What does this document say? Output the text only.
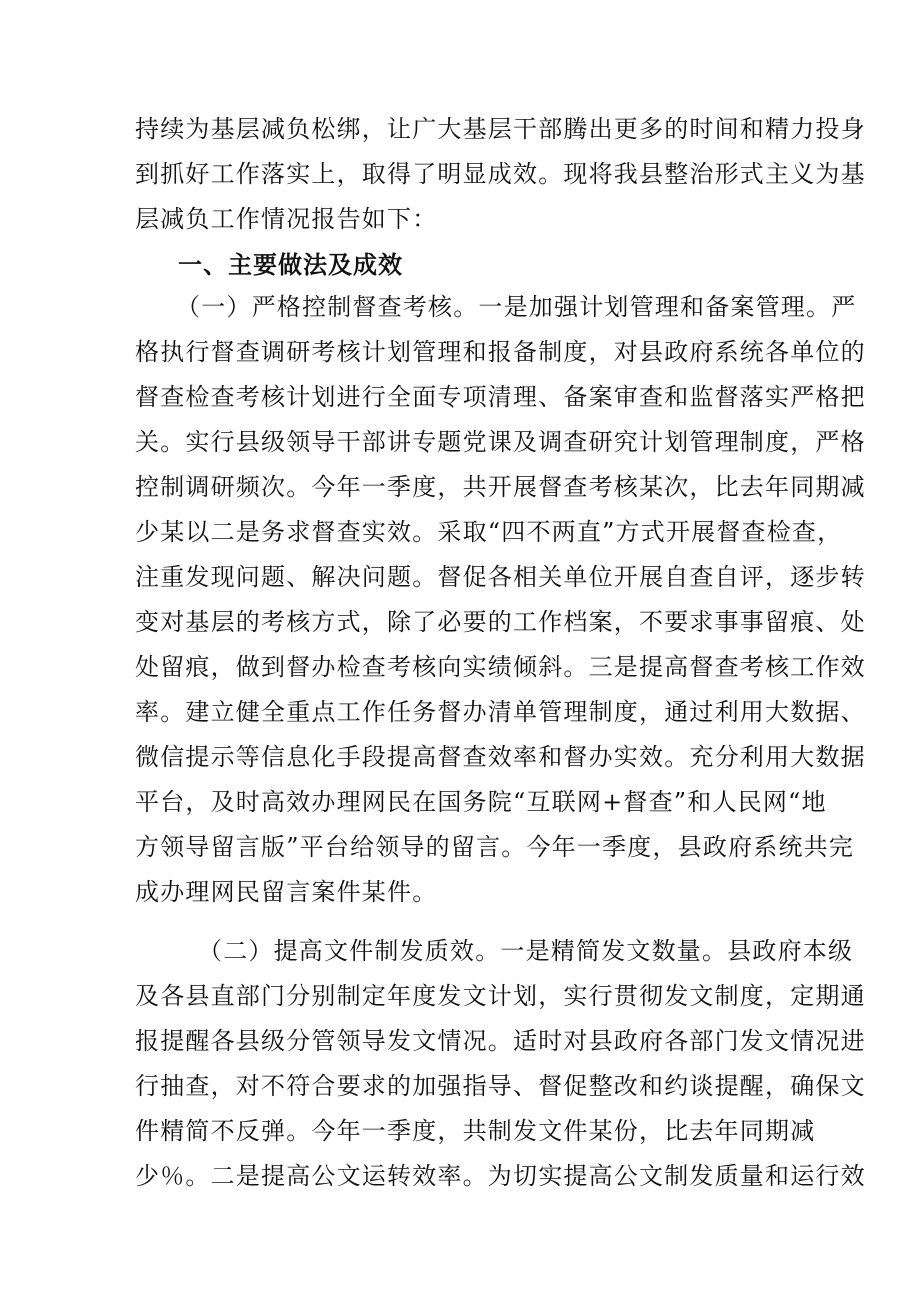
持续为基层减负松绑，让广大基层干部腾出更多的时间和精力投身
到抓好工作落实上，取得了明显成效。现将我县整治形式主义为基
层减负工作情况报告如下：
一、主要做法及成效
（一）严格控制督查考核。一是加强计划管理和备案管理。严
格执行督查调研考核计划管理和报备制度，对县政府系统各单位的
督查检查考核计划进行全面专项清理、备案审查和监督落实严格把
关。实行县级领导干部讲专题党课及调查研究计划管理制度，严格
控制调研频次。今年一季度，共开展督查考核某次，比去年同期减
少某以二是务求督查实效。采取“四不两直”方式开展督查检查，
注重发现问题、解决问题。督促各相关单位开展自查自评，逐步转
变对基层的考核方式，除了必要的工作档案，不要求事事留痕、处
处留痕，做到督办检查考核向实绩倾斜。三是提高督查考核工作效
率。建立健全重点工作任务督办清单管理制度，通过利用大数据、
微信提示等信息化手段提高督查效率和督办实效。充分利用大数据
平台，及时高效办理网民在国务院“互联网+督查”和人民网“地
方领导留言版”平台给领导的留言。今年一季度，县政府系统共完
成办理网民留言案件某件。
（二）提高文件制发质效。一是精简发文数量。县政府本级
及各县直部门分别制定年度发文计划，实行贯彻发文制度，定期通
报提醒各县级分管领导发文情况。适时对县政府各部门发文情况进
行抽查，对不符合要求的加强指导、督促整改和约谈提醒，确保文
件精简不反弹。今年一季度，共制发文件某份，比去年同期减
少％。二是提高公文运转效率。为切实提高公文制发质量和运行效
